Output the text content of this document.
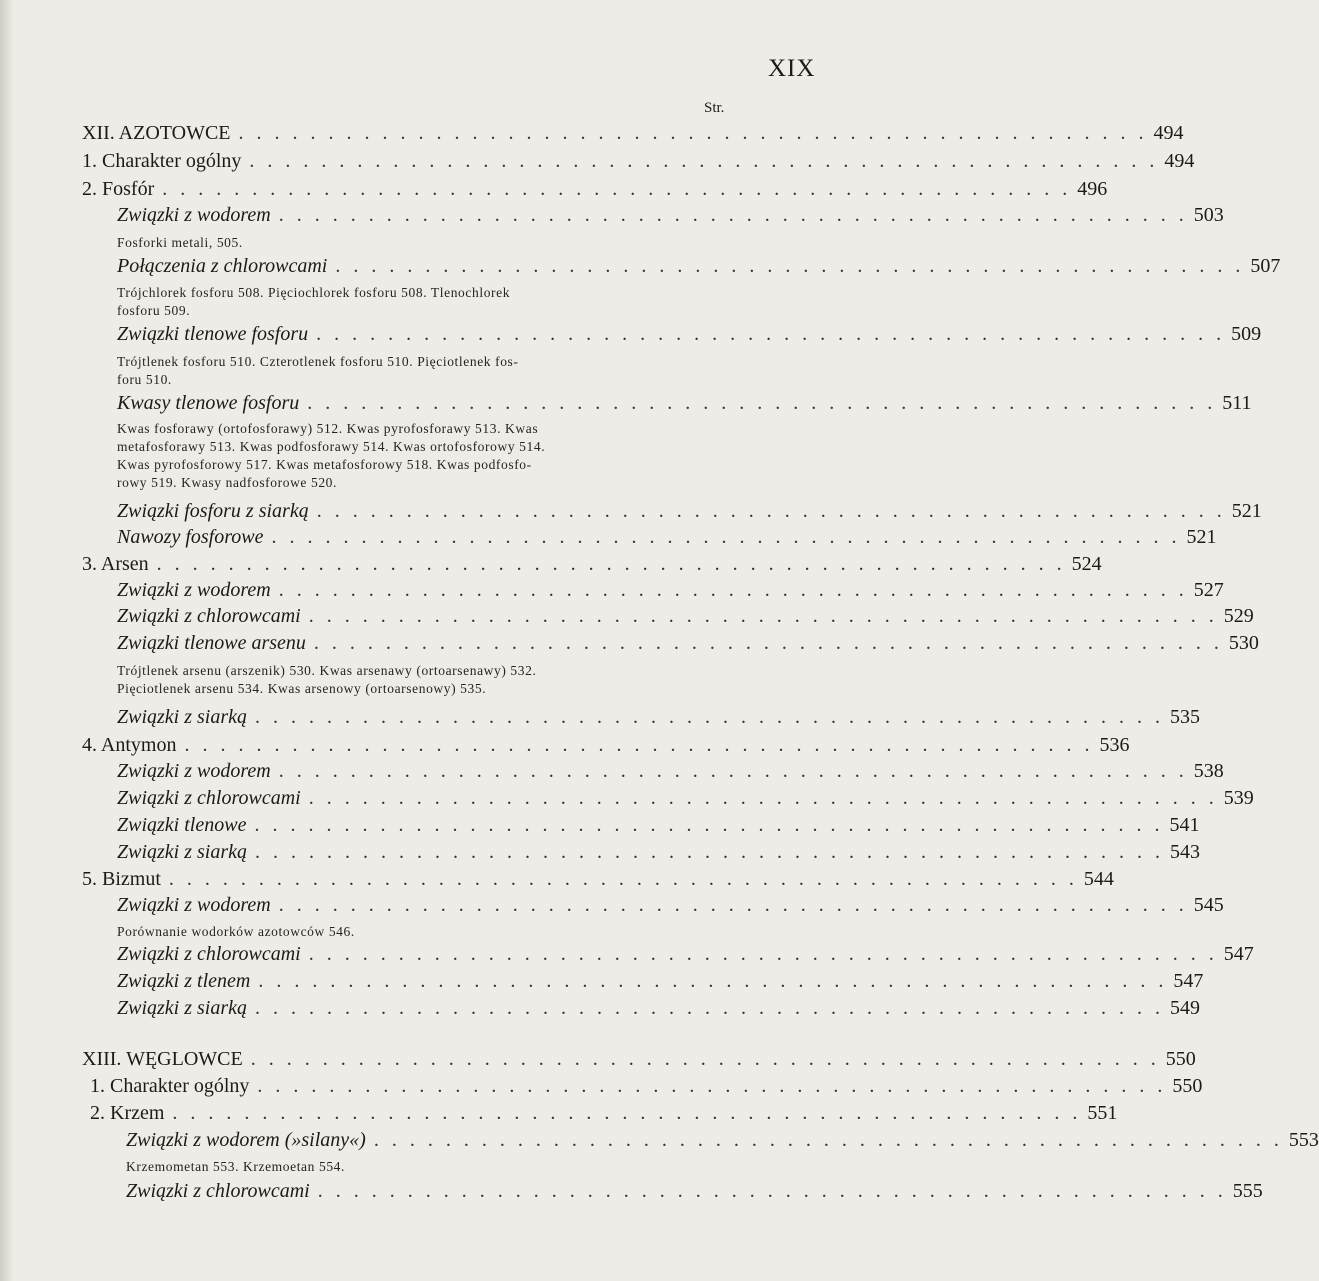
XIX
Str.
XII. AZOTOWCE . . . . . . . . . . . . . . . . . . . . . . . . . . . . . . . . . . . . . . . . . . . . . . . . . . . 494
1. Charakter ogólny . . . . . . . . . . . . . . . . . . . . . . . . . . . . . . . . . . . . . . . . . . . . . . . . . . . 494
2. Fosfór . . . . . . . . . . . . . . . . . . . . . . . . . . . . . . . . . . . . . . . . . . . . . . . . . . . 496
Związki z wodorem . . . . . . . . . . . . . . . . . . . . . . . . . . . . . . . . . . . . . . . . . . . . . . . . . . . 503
Fosforki metali, 505.
Połączenia z chlorowcami . . . . . . . . . . . . . . . . . . . . . . . . . . . . . . . . . . . . . . . . . . . . . . . . . . . 507
Trójchlorek fosforu 508. Pięciochlorek fosforu 508. Tlenochlorek
fosforu 509.
Związki tlenowe fosforu . . . . . . . . . . . . . . . . . . . . . . . . . . . . . . . . . . . . . . . . . . . . . . . . . . . 509
Trójtlenek fosforu 510. Czterotlenek fosforu 510. Pięciotlenek fos-
foru 510.
Kwasy tlenowe fosforu . . . . . . . . . . . . . . . . . . . . . . . . . . . . . . . . . . . . . . . . . . . . . . . . . . . 511
Kwas fosforawy (ortofosforawy) 512. Kwas pyrofosforawy 513. Kwas
metafosforawy 513. Kwas podfosforawy 514. Kwas ortofosforowy 514.
Kwas pyrofosforowy 517. Kwas metafosforowy 518. Kwas podfosfo-
rowy 519. Kwasy nadfosforowe 520.
Związki fosforu z siarką . . . . . . . . . . . . . . . . . . . . . . . . . . . . . . . . . . . . . . . . . . . . . . . . . . . 521
Nawozy fosforowe . . . . . . . . . . . . . . . . . . . . . . . . . . . . . . . . . . . . . . . . . . . . . . . . . . . 521
3. Arsen . . . . . . . . . . . . . . . . . . . . . . . . . . . . . . . . . . . . . . . . . . . . . . . . . . . 524
Związki z wodorem . . . . . . . . . . . . . . . . . . . . . . . . . . . . . . . . . . . . . . . . . . . . . . . . . . . 527
Związki z chlorowcami . . . . . . . . . . . . . . . . . . . . . . . . . . . . . . . . . . . . . . . . . . . . . . . . . . . 529
Związki tlenowe arsenu . . . . . . . . . . . . . . . . . . . . . . . . . . . . . . . . . . . . . . . . . . . . . . . . . . . 530
Trójtlenek arsenu (arszenik) 530. Kwas arsenawy (ortoarsenawy) 532.
Pięciotlenek arsenu 534. Kwas arsenowy (ortoarsenowy) 535.
Związki z siarką . . . . . . . . . . . . . . . . . . . . . . . . . . . . . . . . . . . . . . . . . . . . . . . . . . . 535
4. Antymon . . . . . . . . . . . . . . . . . . . . . . . . . . . . . . . . . . . . . . . . . . . . . . . . . . . 536
Związki z wodorem . . . . . . . . . . . . . . . . . . . . . . . . . . . . . . . . . . . . . . . . . . . . . . . . . . . 538
Związki z chlorowcami . . . . . . . . . . . . . . . . . . . . . . . . . . . . . . . . . . . . . . . . . . . . . . . . . . . 539
Związki tlenowe . . . . . . . . . . . . . . . . . . . . . . . . . . . . . . . . . . . . . . . . . . . . . . . . . . . 541
Związki z siarką . . . . . . . . . . . . . . . . . . . . . . . . . . . . . . . . . . . . . . . . . . . . . . . . . . . 543
5. Bizmut . . . . . . . . . . . . . . . . . . . . . . . . . . . . . . . . . . . . . . . . . . . . . . . . . . . 544
Związki z wodorem . . . . . . . . . . . . . . . . . . . . . . . . . . . . . . . . . . . . . . . . . . . . . . . . . . . 545
Porównanie wodorków azotowców 546.
Związki z chlorowcami . . . . . . . . . . . . . . . . . . . . . . . . . . . . . . . . . . . . . . . . . . . . . . . . . . . 547
Związki z tlenem . . . . . . . . . . . . . . . . . . . . . . . . . . . . . . . . . . . . . . . . . . . . . . . . . . . 547
Związki z siarką . . . . . . . . . . . . . . . . . . . . . . . . . . . . . . . . . . . . . . . . . . . . . . . . . . . 549
XIII. WĘGLOWCE . . . . . . . . . . . . . . . . . . . . . . . . . . . . . . . . . . . . . . . . . . . . . . . . . . . 550
1. Charakter ogólny . . . . . . . . . . . . . . . . . . . . . . . . . . . . . . . . . . . . . . . . . . . . . . . . . . . 550
2. Krzem . . . . . . . . . . . . . . . . . . . . . . . . . . . . . . . . . . . . . . . . . . . . . . . . . . . 551
Związki z wodorem (»silany«) . . . . . . . . . . . . . . . . . . . . . . . . . . . . . . . . . . . . . . . . . . . . . . . . . . . 553
Krzemometan 553. Krzemoetan 554.
Związki z chlorowcami . . . . . . . . . . . . . . . . . . . . . . . . . . . . . . . . . . . . . . . . . . . . . . . . . . . 555
